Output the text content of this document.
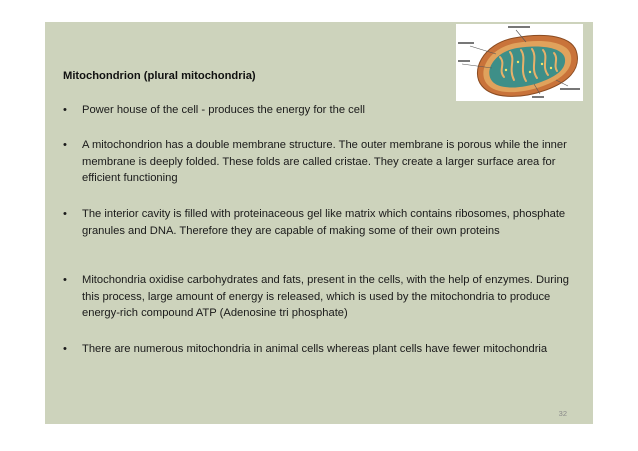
Mitochondrion (plural mitochondria)
• Power house of the cell - produces the energy for the cell
• A mitochondrion has a double membrane structure. The outer membrane is porous while the inner membrane is deeply folded. These folds are called cristae. They create a larger surface area for efficient functioning
• The interior cavity is filled with proteinaceous gel like matrix which contains ribosomes, phosphate granules and DNA. Therefore they are capable of making some of their own proteins
• Mitochondria oxidise carbohydrates and fats, present in the cells, with the help of enzymes. During this process, large amount of energy is released, which is used by the mitochondria to produce energy-rich compound ATP (Adenosine tri phosphate)
• There are numerous mitochondria in animal cells whereas plant cells have fewer mitochondria
32
